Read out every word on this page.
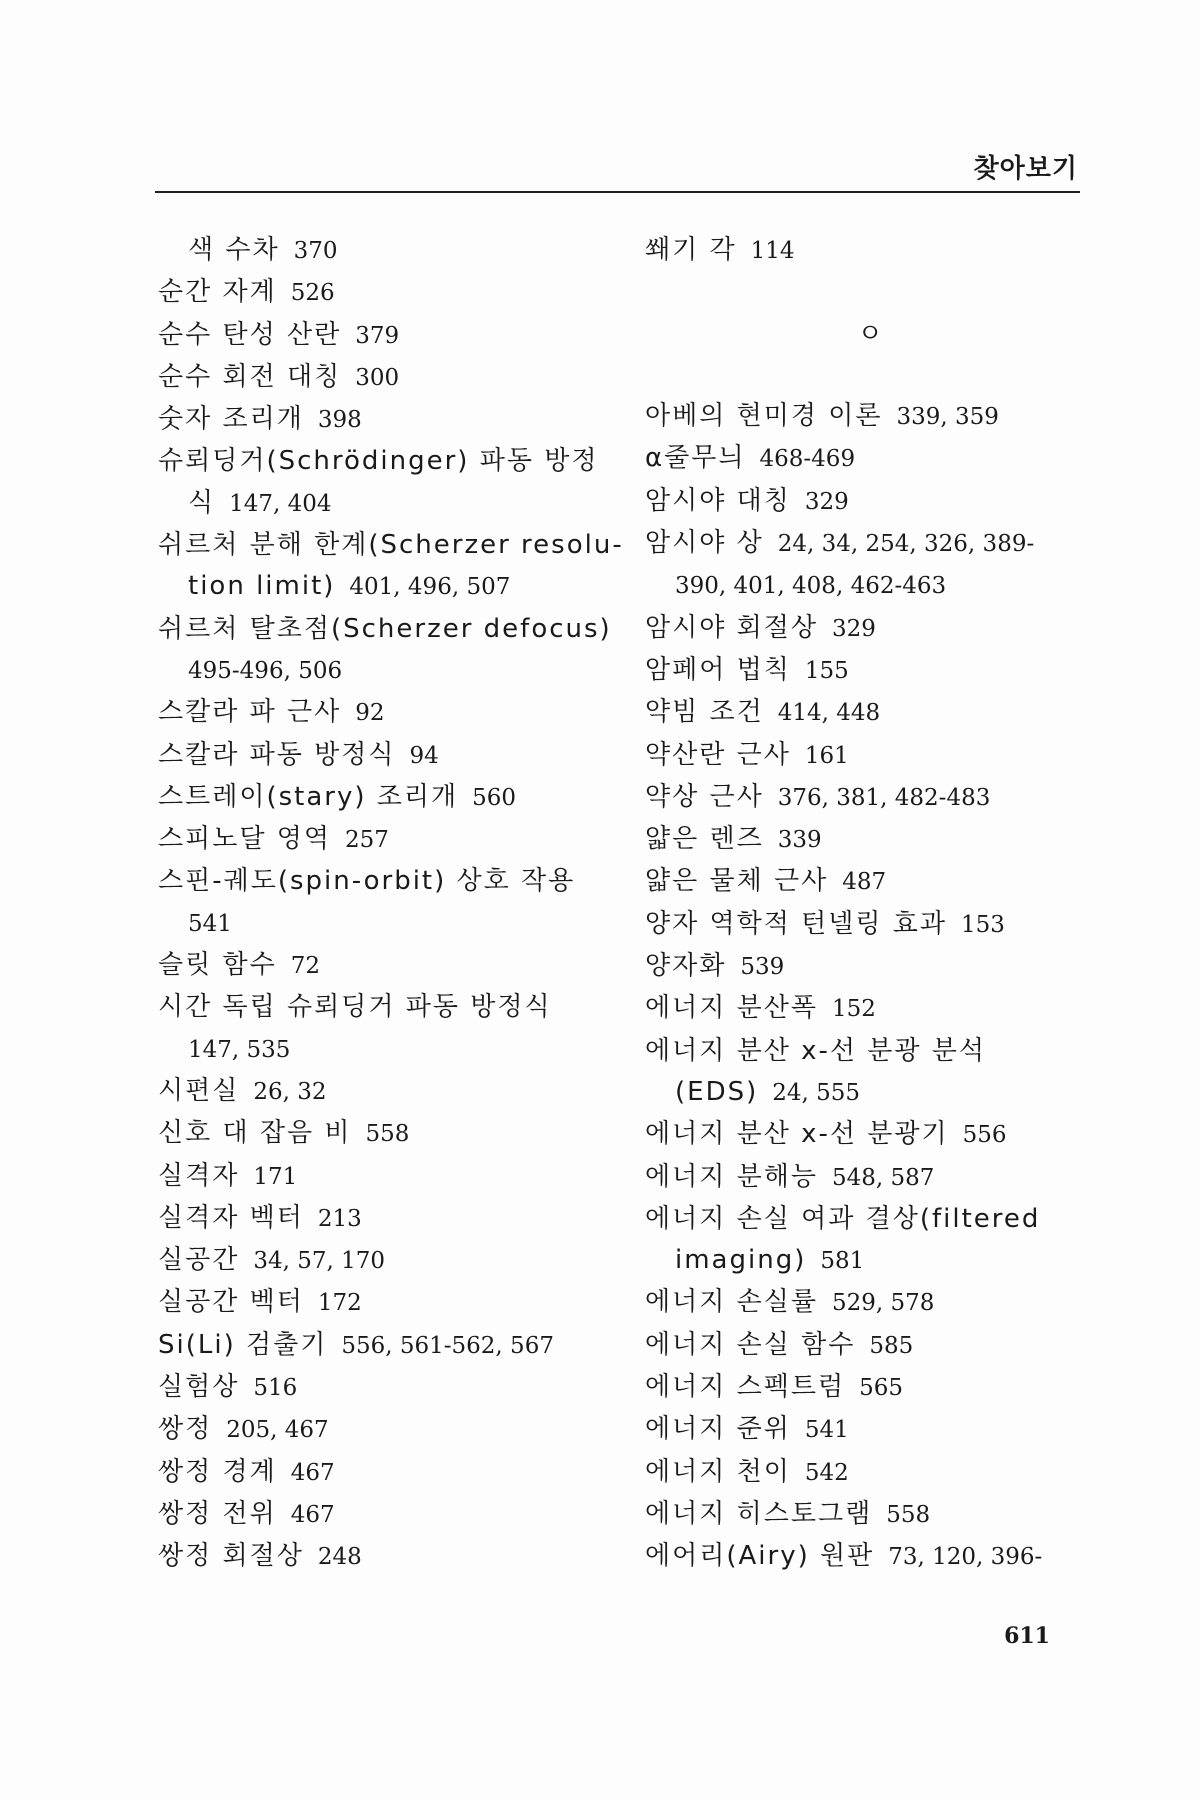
찾아보기
색 수차 370
순간 자계 526
순수 탄성 산란 379
순수 회전 대칭 300
숫자 조리개 398
슈뢰딩거(Schrödinger) 파동 방정
식 147, 404
쉬르처 분해 한계(Scherzer resolu-
tion limit) 401, 496, 507
쉬르처 탈초점(Scherzer defocus)
495-496, 506
스칼라 파 근사 92
스칼라 파동 방정식 94
스트레이(stary) 조리개 560
스피노달 영역 257
스핀-궤도(spin-orbit) 상호 작용
541
슬릿 함수 72
시간 독립 슈뢰딩거 파동 방정식
147, 535
시편실 26, 32
신호 대 잡음 비 558
실격자 171
실격자 벡터 213
실공간 34, 57, 170
실공간 벡터 172
Si(Li) 검출기 556, 561-562, 567
실험상 516
쌍정 205, 467
쌍정 경계 467
쌍정 전위 467
쌍정 회절상 248
쐐기 각 114
ㅇ
아베의 현미경 이론 339, 359
α줄무늬 468-469
암시야 대칭 329
암시야 상 24, 34, 254, 326, 389-
390, 401, 408, 462-463
암시야 회절상 329
암페어 법칙 155
약빔 조건 414, 448
약산란 근사 161
약상 근사 376, 381, 482-483
얇은 렌즈 339
얇은 물체 근사 487
양자 역학적 턴넬링 효과 153
양자화 539
에너지 분산폭 152
에너지 분산 x-선 분광 분석
(EDS) 24, 555
에너지 분산 x-선 분광기 556
에너지 분해능 548, 587
에너지 손실 여과 결상(filtered
imaging) 581
에너지 손실률 529, 578
에너지 손실 함수 585
에너지 스펙트럼 565
에너지 준위 541
에너지 천이 542
에너지 히스토그램 558
에어리(Airy) 원판 73, 120, 396-
611
